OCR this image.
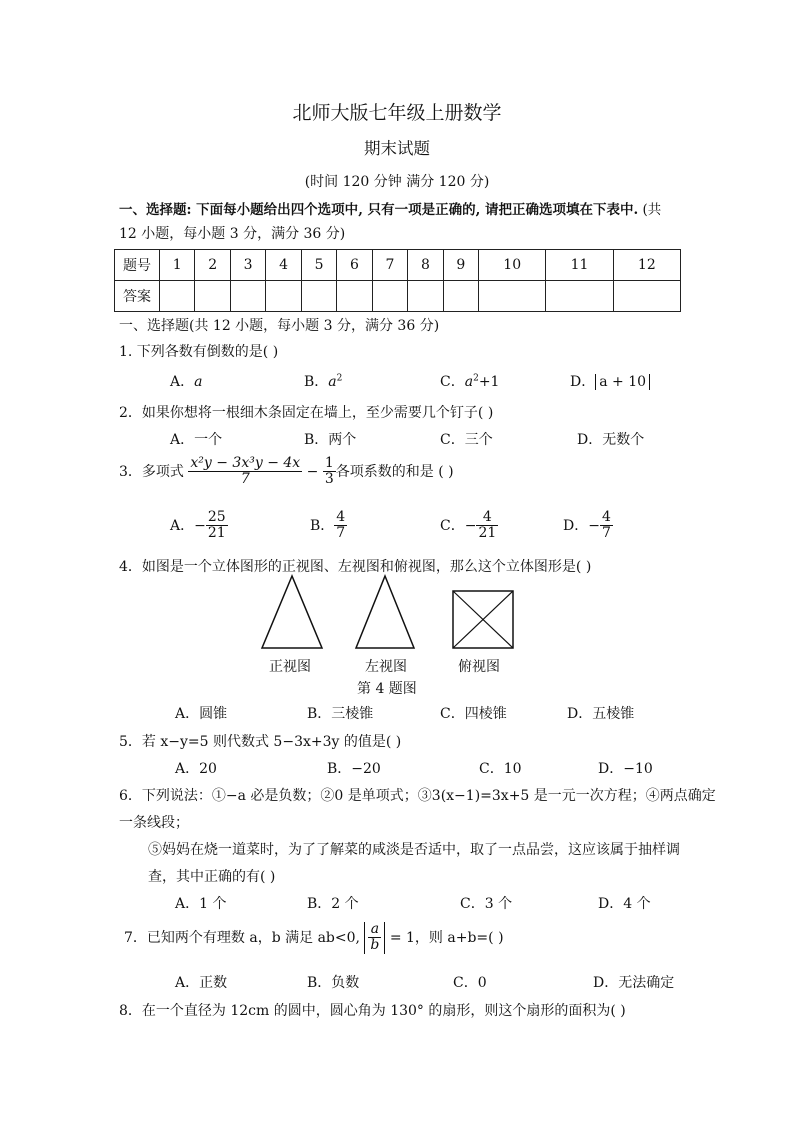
北师大版七年级上册数学
期末试题
(时间 120 分钟 满分 120 分)
一、选择题: 下面每小题给出四个选项中, 只有一项是正确的, 请把正确选项填在下表中. (共
12 小题，每小题 3 分，满分 36 分)
题号	1	2	3	4	5	6	7	8	9	10	11	12
答案												
一、选择题(共 12 小题，每小题 3 分，满分 36 分)
1. 下列各数有倒数的是( )
A．a	B．$a^2$	C．$a^2+1$	D． a + 10
2．如果你想将一根细木条固定在墙上，至少需要几个钉子( )
A．一个	B．两个	C．三个	D．无数个
3．多项式 $\frac{\text{x²y − 3x³y − 4x}}{7} - \frac{1}{3}$ 各项系数的和是 ( )
A．− $\frac{25}{21}$	B． $\frac{4}{7}$	C．− $\frac{4}{21}$	D．− $\frac{4}{7}$
4．如图是一个立体图形的正视图、左视图和俯视图，那么这个立体图形是( )
正视图	左视图	俯视图
第 4 题图
A．圆锥	B．三棱锥	C．四棱锥	D．五棱锥
5．若 x−y=5 则代数式 5−3x+3y 的值是( )
A．20	B．−20	C．10	D．−10
6．下列说法：①−a 必是负数；②0 是单项式；③3(x−1)=3x+5 是一元一次方程；④两点确定
一条线段；
⑤妈妈在烧一道菜时，为了了解菜的咸淡是否适中，取了一点品尝，这应该属于抽样调
查，其中正确的有( )
A．1 个	B．2 个	C．3 个	D．4 个
7．已知两个有理数 a，b 满足 ab<0, $\frac{a}{b} = 1$，则 a+b=( )
A．正数	B．负数	C．0	D．无法确定
8．在一个直径为 12cm 的圆中，圆心角为 130° 的扇形，则这个扇形的面积为( )
